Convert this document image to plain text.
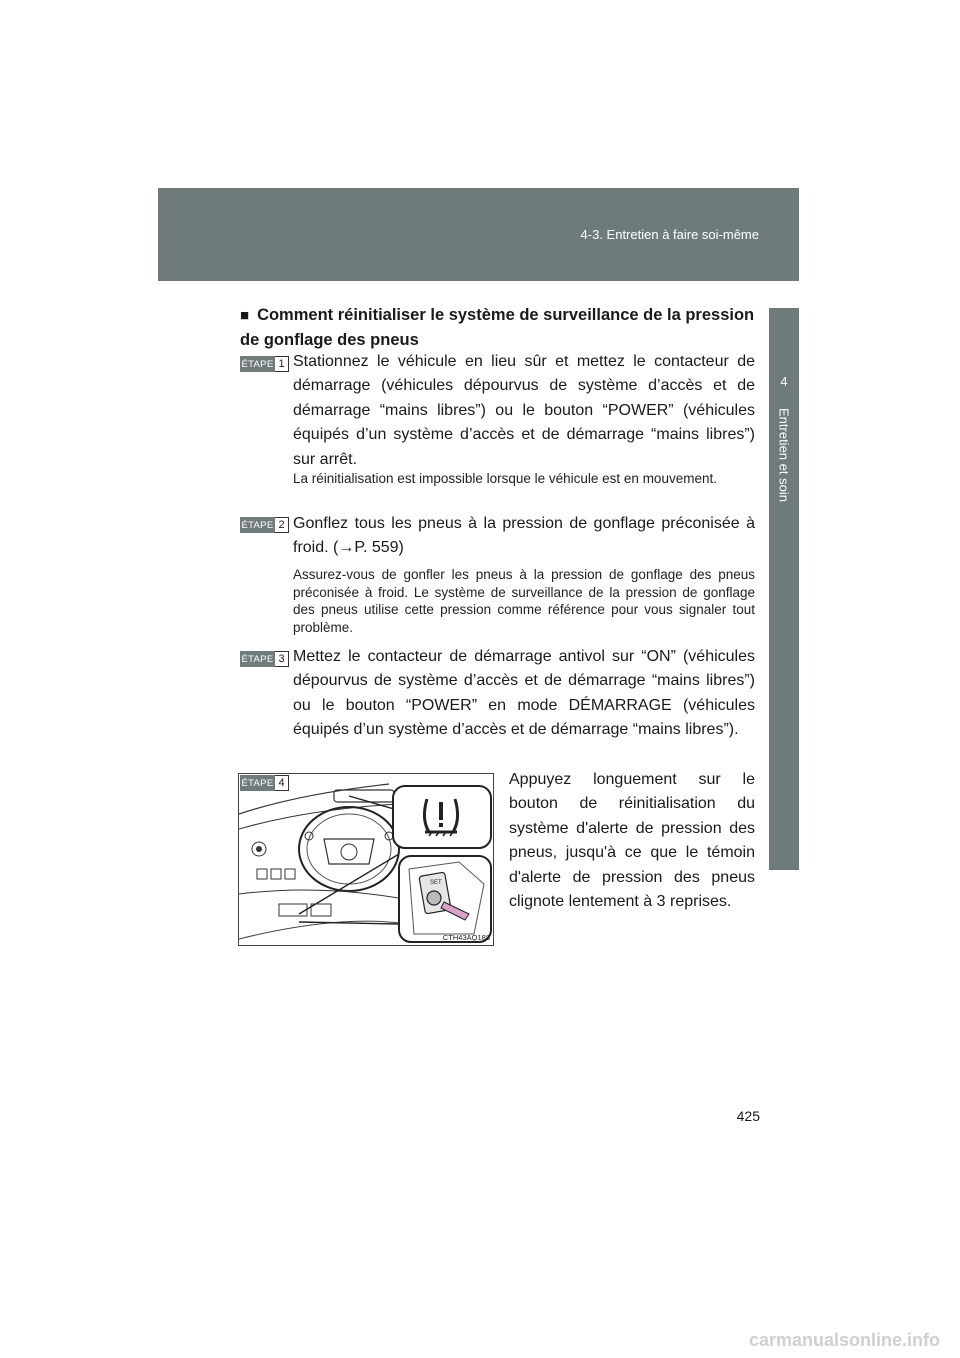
4-3. Entretien à faire soi-même
4
Entretien et soin
■ Comment réinitialiser le système de surveillance de la pression de gonflage des pneus
ÉTAPE 1 Stationnez le véhicule en lieu sûr et mettez le contacteur de démarrage (véhicules dépourvus de système d’accès et de démarrage “mains libres”) ou le bouton “POWER” (véhicules équipés d’un système d’accès et de démarrage “mains libres”) sur arrêt.
La réinitialisation est impossible lorsque le véhicule est en mouvement.
ÉTAPE 2 Gonflez tous les pneus à la pression de gonflage préconisée à froid. (→P. 559)
Assurez-vous de gonfler les pneus à la pression de gonflage des pneus préconisée à froid. Le système de surveillance de la pression de gonflage des pneus utilise cette pression comme référence pour vous signaler tout problème.
ÉTAPE 3 Mettez le contacteur de démarrage antivol sur “ON” (véhicules dépourvus de système d’accès et de démarrage “mains libres”) ou le bouton “POWER” en mode DÉMARRAGE (véhicules équipés d’un système d’accès et de démarrage “mains libres”).
SET
CTH43AQ188
ÉTAPE 4	Appuyez longuement sur le bouton de réinitialisation du système d'alerte de pression des pneus, jusqu'à ce que le témoin d'alerte de pression des pneus clignote lentement à 3 reprises.
425
carmanualsonline.info
